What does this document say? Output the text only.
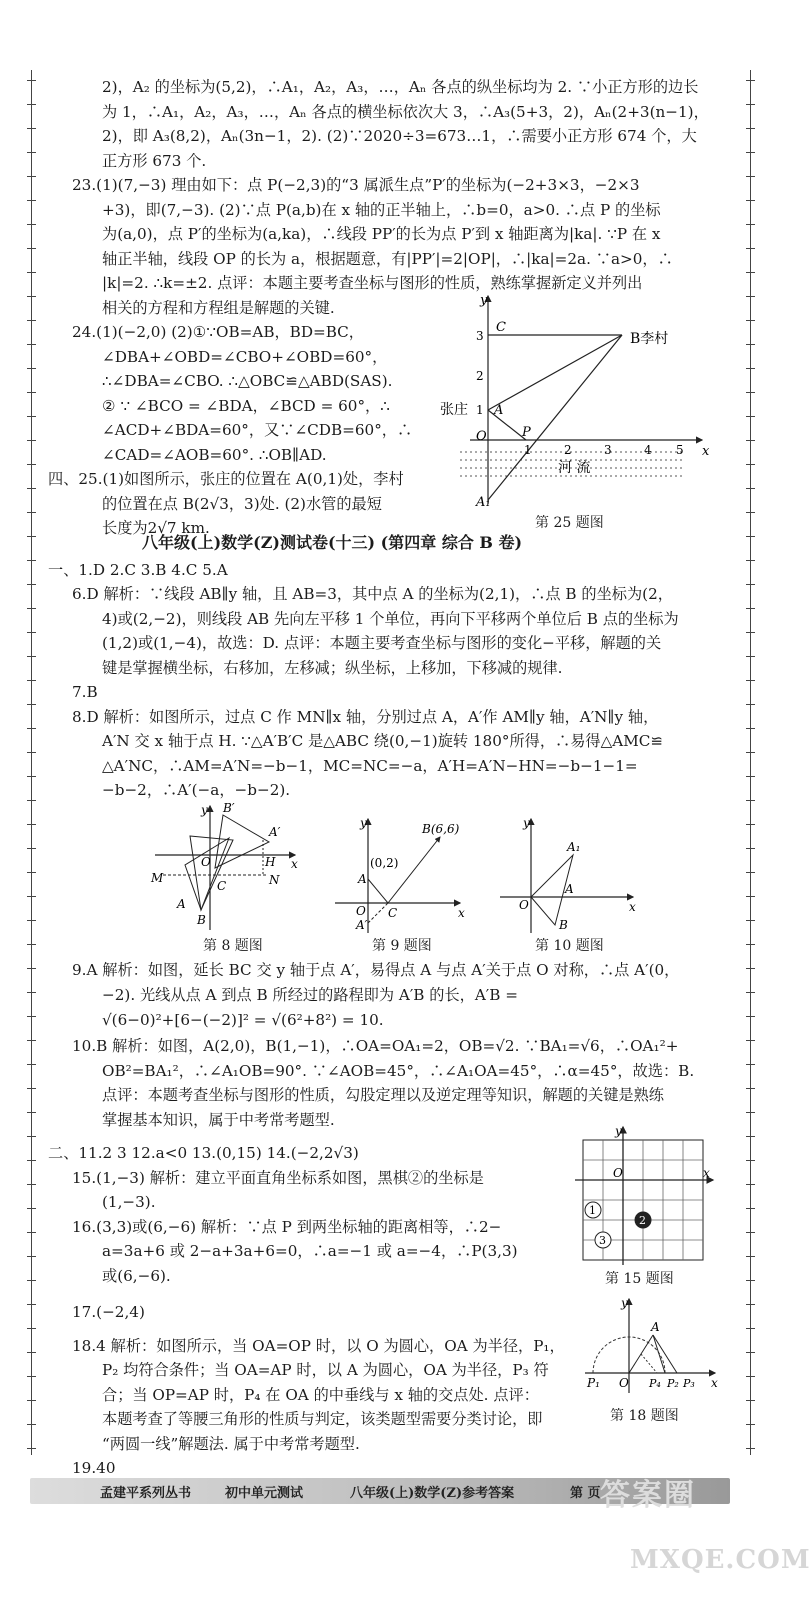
2)，A₂ 的坐标为(5,2)，∴A₁，A₂，A₃，…，Aₙ 各点的纵坐标均为 2. ∵小正方形的边长
为 1，∴A₁，A₂，A₃，…，Aₙ 各点的横坐标依次大 3，∴A₃(5+3，2)，Aₙ(2+3(n−1)，
2)，即 A₃(8,2)，Aₙ(3n−1，2). (2)∵2020÷3=673…1，∴需要小正方形 674 个，大
正方形 673 个.
23.(1)(7,−3) 理由如下：点 P(−2,3)的“3 属派生点”P′的坐标为(−2+3×3，−2×3
+3)，即(7,−3). (2)∵点 P(a,b)在 x 轴的正半轴上，∴b=0，a>0. ∴点 P 的坐标
为(a,0)，点 P′的坐标为(a,ka)，∴线段 PP′的长为点 P′到 x 轴距离为|ka|. ∵P 在 x
轴正半轴，线段 OP 的长为 a，根据题意，有|PP′|=2|OP|，∴|ka|=2a. ∵a>0，∴
|k|=2. ∴k=±2. 点评：本题主要考查坐标与图形的性质，熟练掌握新定义并列出
相关的方程和方程组是解题的关键.
24.(1)(−2,0) (2)①∵OB=AB，BD=BC，
∠DBA+∠OBD=∠CBO+∠OBD=60°，
∴∠DBA=∠CBO. ∴△OBC≌△ABD(SAS).
② ∵ ∠BCO = ∠BDA，∠BCD = 60°，∴
∠ACD+∠BDA=60°，又∵∠CDB=60°，∴
∠CAD=∠AOB=60°. ∴OB∥AD.
四、25.(1)如图所示，张庄的位置在 A(0,1)处，李村
的位置在点 B(2√3，3)处. (2)水管的最短
长度为2√7 km.
八年级(上)数学(Z)测试卷(十三) (第四章 综合 B 卷)
一、1.D 2.C 3.B 4.C 5.A
6.D 解析：∵线段 AB∥y 轴，且 AB=3，其中点 A 的坐标为(2,1)，∴点 B 的坐标为(2，
4)或(2,−2)，则线段 AB 先向左平移 1 个单位，再向下平移两个单位后 B 点的坐标为
(1,2)或(1,−4)，故选：D. 点评：本题主要考查坐标与图形的变化−平移，解题的关
键是掌握横坐标，右移加，左移减；纵坐标，上移加，下移减的规律.
7.B
8.D 解析：如图所示，过点 C 作 MN∥x 轴，分别过点 A，A′作 AM∥y 轴，A′N∥y 轴，
A′N 交 x 轴于点 H. ∵△A′B′C 是△ABC 绕(0,−1)旋转 180°所得，∴易得△AMC≌
△A′NC，∴AM=A′N=−b−1，MC=NC=−a，A′H=A′N−HN=−b−1−1=
−b−2，∴A′(−a，−b−2).
9.A 解析：如图，延长 BC 交 y 轴于点 A′，易得点 A 与点 A′关于点 O 对称，∴点 A′(0，
−2). 光线从点 A 到点 B 所经过的路程即为 A′B 的长，A′B =
√(6−0)²+[6−(−2)]² = √(6²+8²) = 10.
10.B 解析：如图，A(2,0)，B(1,−1)，∴OA=OA₁=2，OB=√2. ∵BA₁=√6，∴OA₁²+
OB²=BA₁²，∴∠A₁OB=90°. ∵∠AOB=45°，∴∠A₁OA=45°，∴α=45°，故选：B.
点评：本题考查坐标与图形的性质，勾股定理以及逆定理等知识，解题的关键是熟练
掌握基本知识，属于中考常考题型.
二、11.2 3 12.a<0 13.(0,15) 14.(−2,2√3)
15.(1,−3) 解析：建立平面直角坐标系如图，黑棋②的坐标是
(1,−3).
16.(3,3)或(6,−6) 解析：∵点 P 到两坐标轴的距离相等，∴2−
a=3a+6 或 2−a+3a+6=0，∴a=−1 或 a=−4，∴P(3,3)
或(6,−6).
17.(−2,4)
18.4 解析：如图所示，当 OA=OP 时，以 O 为圆心，OA 为半径，P₁，
P₂ 均符合条件；当 OA=AP 时，以 A 为圆心，OA 为半径，P₃ 符
合；当 OP=AP 时，P₄ 在 OA 的中垂线与 x 轴的交点处. 点评：
本题考查了等腰三角形的性质与判定，该类题型需要分类讨论，即
“两圆一线”解题法. 属于中考常考题型.
19.40
y
x
O
C
B李村
张庄 A
P
A₁
河 流
1
2
3
1	2	3	4 5
第 25 题图
y
x
O
B′
A′
H
N
M
C
A
B
第 8 题图
y
x
O
A
(0,2)
B(6,6)
C
A′
第 9 题图
y
x
O
A₁
A
B
第 10 题图
1
2
3
y
x
O
第 15 题图
y
x
O
A
P₁	P₄ P₂ P₃
第 18 题图
孟建平系列丛书	初中单元测试	八年级(上)数学(Z)参考答案	第 页 答案圈
MXQE.COM
